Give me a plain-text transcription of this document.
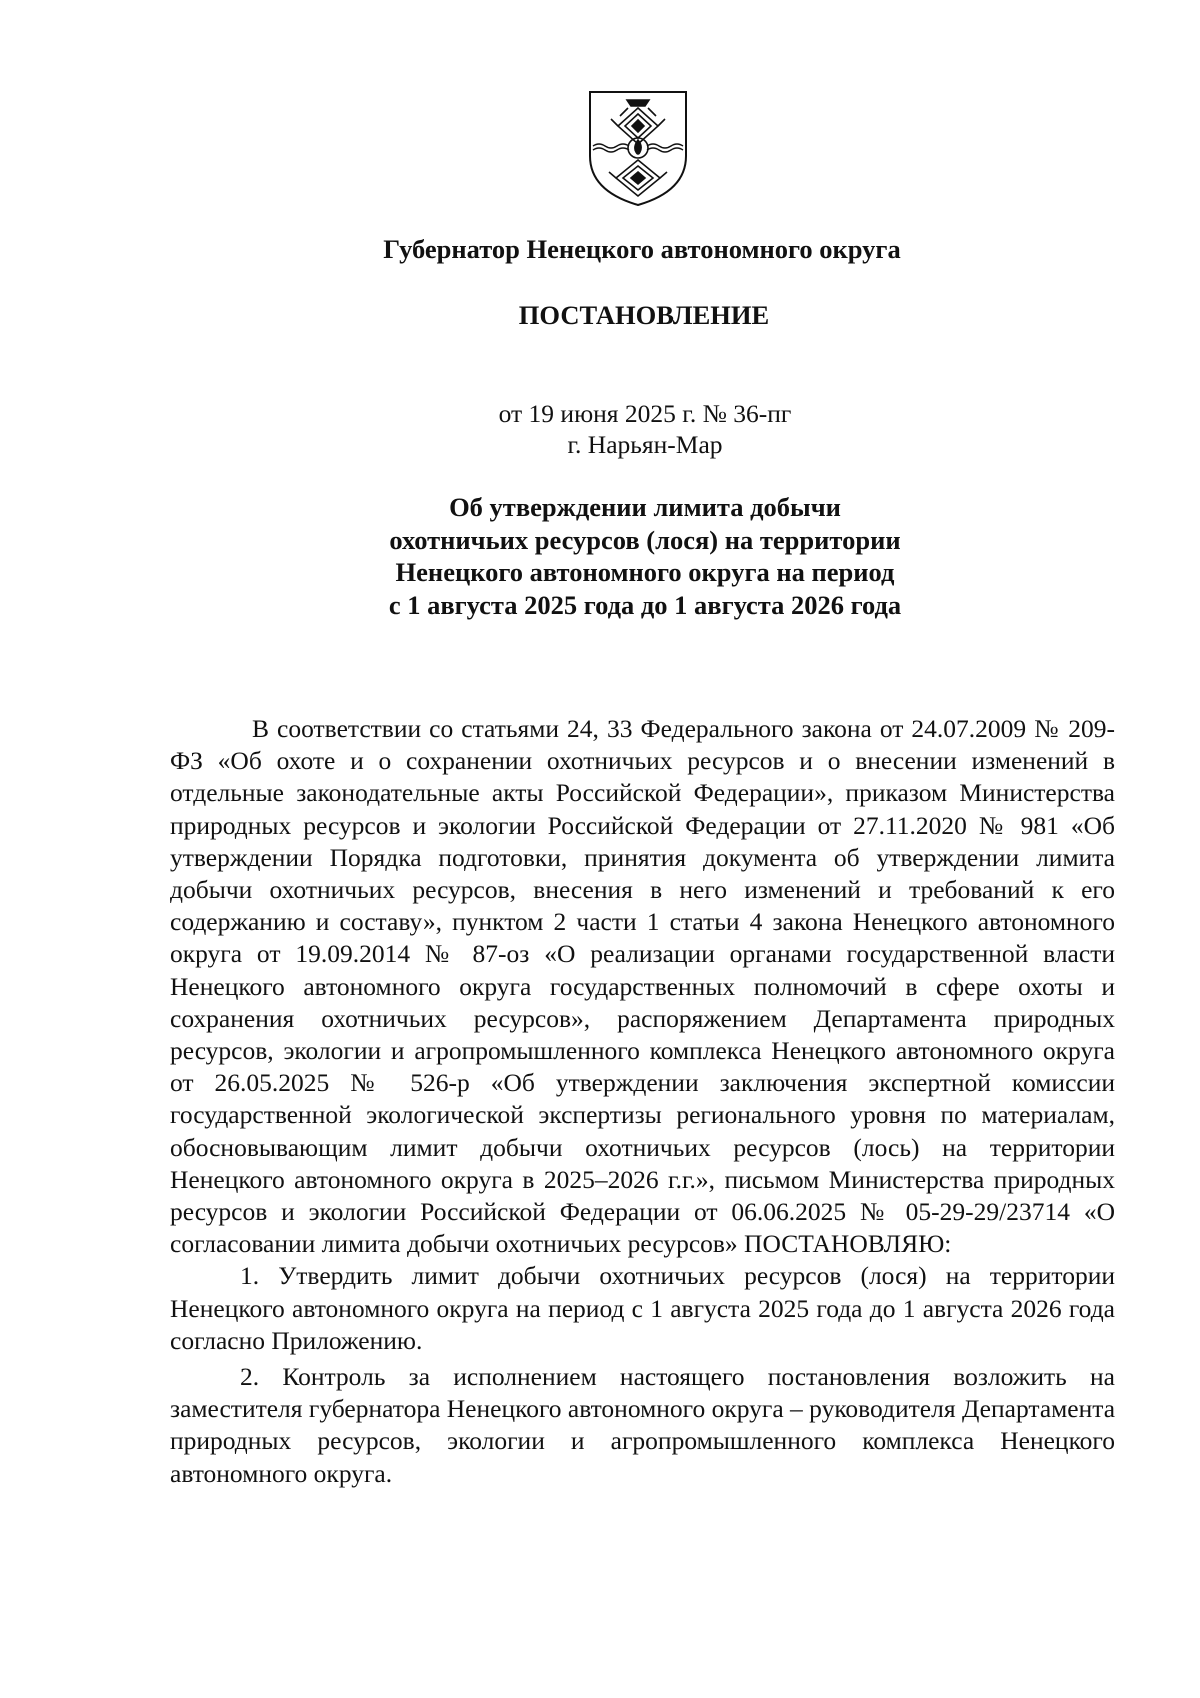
Губернатор Ненецкого автономного округа
ПОСТАНОВЛЕНИЕ
от 19 июня 2025 г. № 36-пг
г. Нарьян-Мар
Об утверждении лимита добычи
охотничьих ресурсов (лося) на территории
Ненецкого автономного округа на период
с 1 августа 2025 года до 1 августа 2026 года

В соответствии со статьями 24, 33 Федерального закона от 24.07.2009 № 209-ФЗ «Об охоте и о сохранении охотничьих ресурсов и о внесении изменений в отдельные законодательные акты Российской Федерации», приказом Министерства природных ресурсов и экологии Российской Федерации от 27.11.2020 № 981 «Об утверждении Порядка подготовки, принятия документа об утверждении лимита добычи охотничьих ресурсов, внесения в него изменений и требований к его содержанию и составу», пунктом 2 части 1 статьи 4 закона Ненецкого автономного округа от 19.09.2014 № 87-оз «О реализации органами государственной власти Ненецкого автономного округа государственных полномочий в сфере охоты и сохранения охотничьих ресурсов», распоряжением Департамента природных ресурсов, экологии и агропромышленного комплекса Ненецкого автономного округа от 26.05.2025 № 526-р «Об утверждении заключения экспертной комиссии государственной экологической экспертизы регионального уровня по материалам, обосновывающим лимит добычи охотничьих ресурсов (лось) на территории Ненецкого автономного округа в 2025–2026 г.г.», письмом Министерства природных ресурсов и экологии Российской Федерации от 06.06.2025 № 05-29-29/23714 «О согласовании лимита добычи охотничьих ресурсов» ПОСТАНОВЛЯЮ:

1. Утвердить лимит добычи охотничьих ресурсов (лося) на территории Ненецкого автономного округа на период с 1 августа 2025 года до 1 августа 2026 года согласно Приложению.

2. Контроль за исполнением настоящего постановления возложить на заместителя губернатора Ненецкого автономного округа – руководителя Департамента природных ресурсов, экологии и агропромышленного комплекса Ненецкого автономного округа.
